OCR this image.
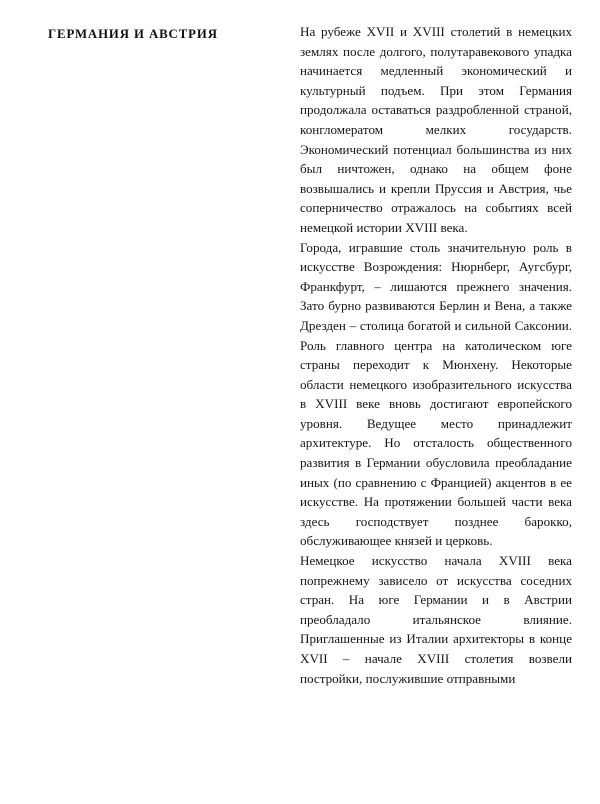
ГЕРМАНИЯ И АВСТРИЯ	На рубеже XVII и XVIII столетий в немецких землях после долгого, полутаравекового упадка начинается медленный экономический и культурный подъем. При этом Германия продолжала оставаться раздробленной страной, конгломератом мелких государств. Экономический потенциал большинства из них был ничтожен, однако на общем фоне возвышались и крепли Пруссия и Австрия, чье соперничество отражалось на событиях всей немецкой истории XVIII века.

Города, игравшие столь значительную роль в искусстве Возрождения: Нюрнберг, Аугсбург, Франкфурт, – лишаются прежнего значения. Зато бурно развиваются Берлин и Вена, а также Дрезден – столица богатой и сильной Саксонии. Роль главного центра на католическом юге страны переходит к Мюнхену. Некоторые области немецкого изобразительного искусства в XVIII веке вновь достигают европейского уровня. Ведущее место принадлежит архитектуре. Но отсталость общественного развития в Германии обусловила преобладание иных (по сравнению с Францией) акцентов в ее искусстве. На протяжении большей части века здесь господствует позднее барокко, обслуживающее князей и церковь.

Немецкое искусство начала XVIII века попрежнему зависело от искусства соседних стран. На юге Германии и в Австрии преобладало итальянское влияние. Приглашенные из Италии архитекторы в конце XVII – начале XVIII столетия возвели постройки, послужившие отправными
